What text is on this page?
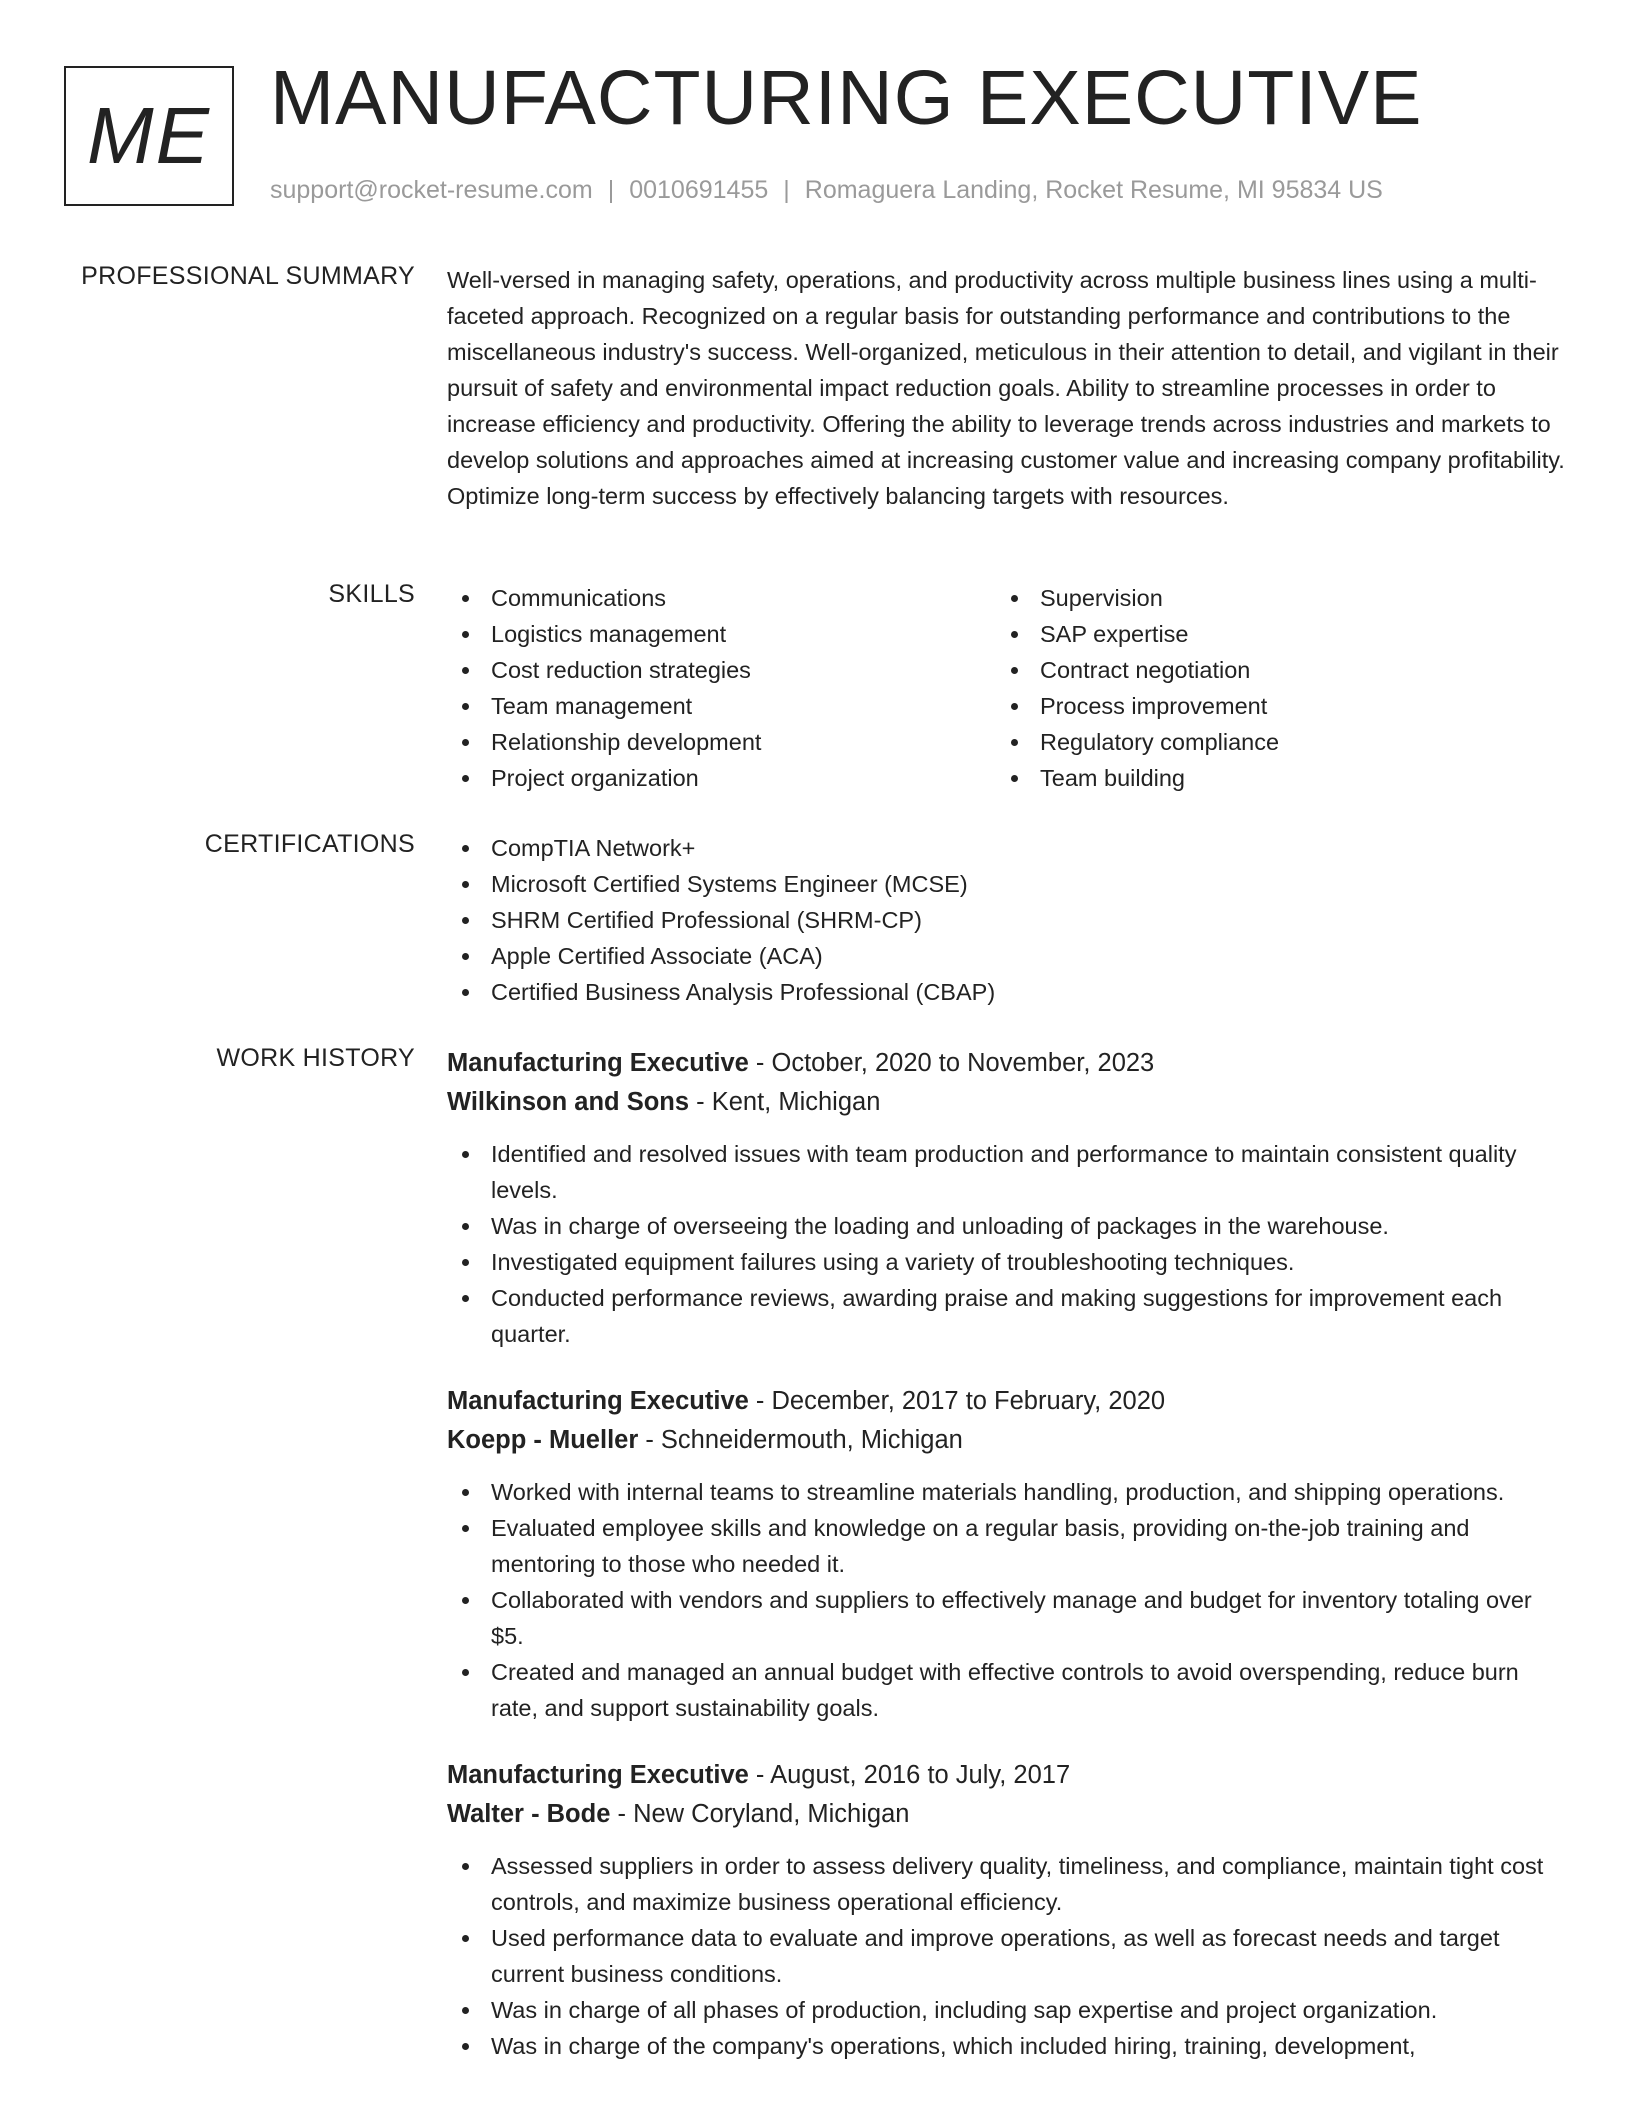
ME MANUFACTURING EXECUTIVE
support@rocket-resume.com | 0010691455 | Romaguera Landing, Rocket Resume, MI 95834 US
PROFESSIONAL SUMMARY Well-versed in managing safety, operations, and productivity across multiple business lines using a multi-faceted approach. Recognized on a regular basis for outstanding performance and contributions to the miscellaneous industry's success. Well-organized, meticulous in their attention to detail, and vigilant in their pursuit of safety and environmental impact reduction goals. Ability to streamline processes in order to increase efficiency and productivity. Offering the ability to leverage trends across industries and markets to develop solutions and approaches aimed at increasing customer value and increasing company profitability. Optimize long-term success by effectively balancing targets with resources.

SKILLS	Communications
Logistics management
Cost reduction strategies
Team management
Relationship development
Project organization
Supervision
SAP expertise
Contract negotiation
Process improvement
Regulatory compliance
Team building
CERTIFICATIONS	CompTIA Network+
Microsoft Certified Systems Engineer (MCSE)
SHRM Certified Professional (SHRM-CP)
Apple Certified Associate (ACA)
Certified Business Analysis Professional (CBAP)
WORK HISTORY Manufacturing Executive - October, 2020 to November, 2023
Wilkinson and Sons - Kent, Michigan
Identified and resolved issues with team production and performance to maintain consistent quality levels.
Was in charge of overseeing the loading and unloading of packages in the warehouse.
Investigated equipment failures using a variety of troubleshooting techniques.
Conducted performance reviews, awarding praise and making suggestions for improvement each quarter.
Manufacturing Executive - December, 2017 to February, 2020
Koepp - Mueller - Schneidermouth, Michigan
Worked with internal teams to streamline materials handling, production, and shipping operations.
Evaluated employee skills and knowledge on a regular basis, providing on-the-job training and mentoring to those who needed it.
Collaborated with vendors and suppliers to effectively manage and budget for inventory totaling over $5.
Created and managed an annual budget with effective controls to avoid overspending, reduce burn rate, and support sustainability goals.
Manufacturing Executive - August, 2016 to July, 2017
Walter - Bode - New Coryland, Michigan
Assessed suppliers in order to assess delivery quality, timeliness, and compliance, maintain tight cost controls, and maximize business operational efficiency.
Used performance data to evaluate and improve operations, as well as forecast needs and target current business conditions.
Was in charge of all phases of production, including sap expertise and project organization.
Was in charge of the company's operations, which included hiring, training, development,
